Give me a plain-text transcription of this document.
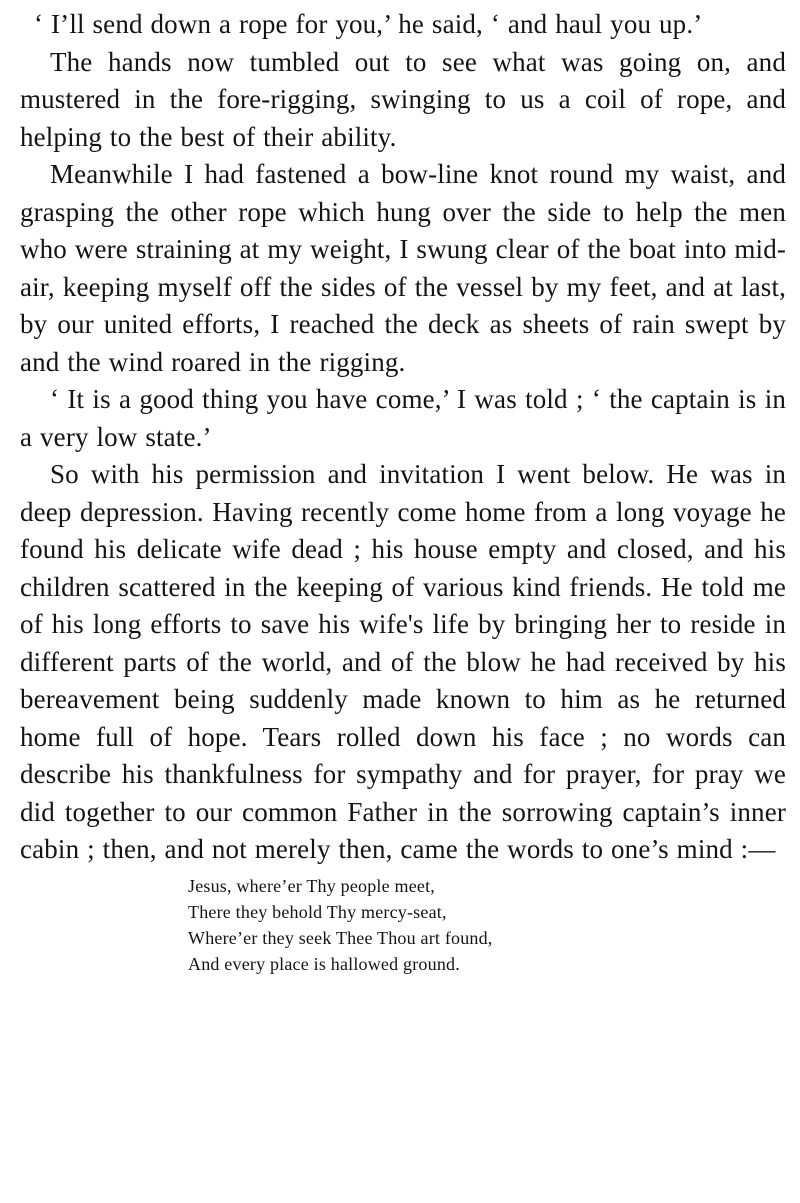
‘ I’ll send down a rope for you,’ he said, ‘ and haul you up.’

The hands now tumbled out to see what was going on, and mustered in the fore-rigging, swinging to us a coil of rope, and helping to the best of their ability.

Meanwhile I had fastened a bow-line knot round my waist, and grasping the other rope which hung over the side to help the men who were straining at my weight, I swung clear of the boat into mid-air, keeping myself off the sides of the vessel by my feet, and at last, by our united efforts, I reached the deck as sheets of rain swept by and the wind roared in the rigging.

‘ It is a good thing you have come,’ I was told ; ‘ the captain is in a very low state.’

So with his permission and invitation I went below. He was in deep depression. Having recently come home from a long voyage he found his delicate wife dead ; his house empty and closed, and his children scattered in the keeping of various kind friends. He told me of his long efforts to save his wife's life by bringing her to reside in different parts of the world, and of the blow he had received by his bereavement being suddenly made known to him as he returned home full of hope. Tears rolled down his face ; no words can describe his thankfulness for sympathy and for prayer, for pray we did together to our common Father in the sorrowing captain’s inner cabin ; then, and not merely then, came the words to one’s mind :—

Jesus, where’er Thy people meet,
There they behold Thy mercy-seat,
Where’er they seek Thee Thou art found,
And every place is hallowed ground.
